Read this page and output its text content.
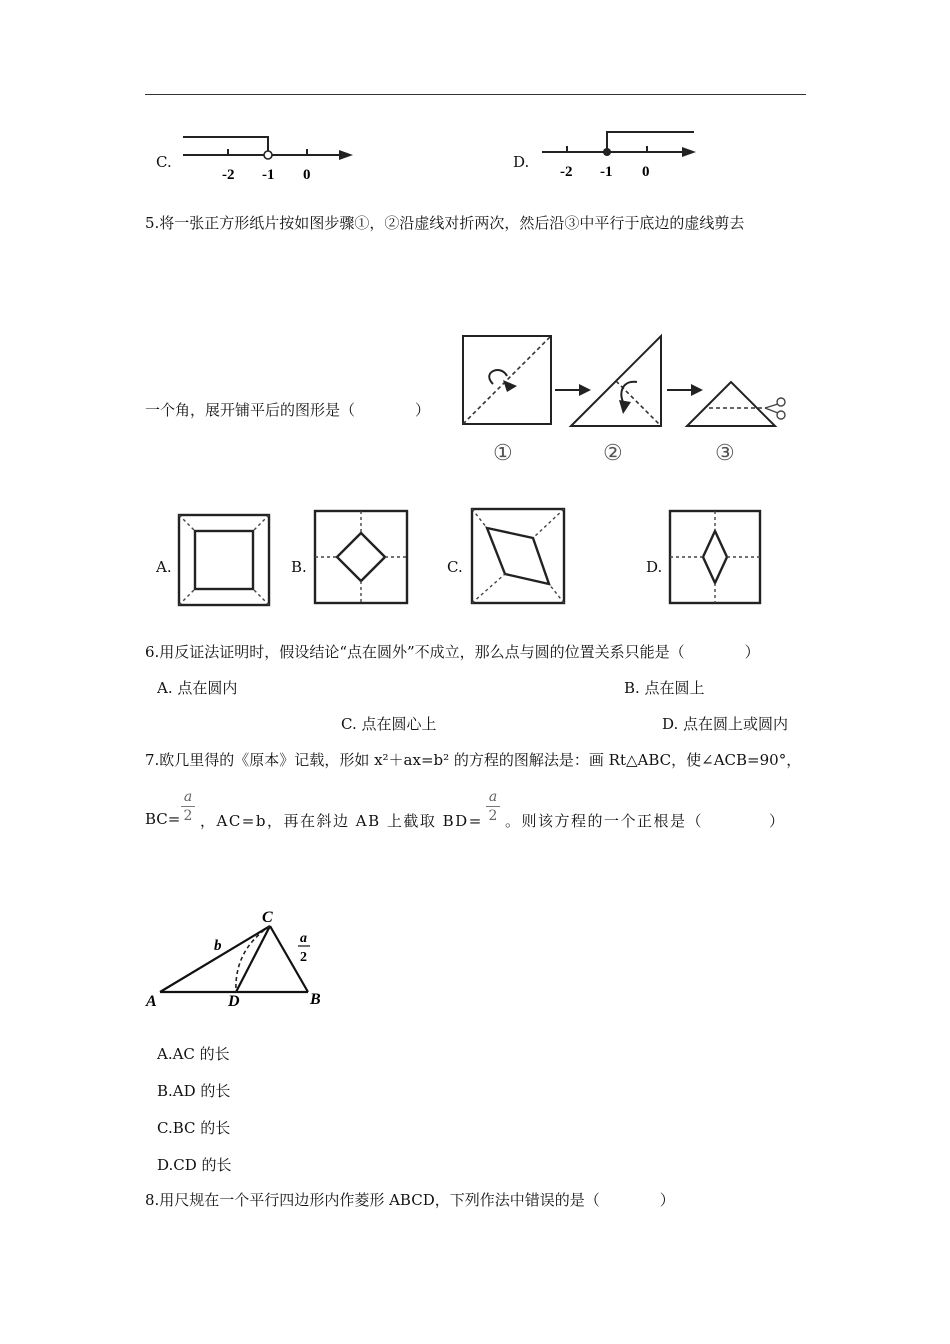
C.
-2 -1 0
D.
-2 -1 0
5.将一张正方形纸片按如图步骤①，②沿虚线对折两次，然后沿③中平行于底边的虚线剪去
一个角，展开铺平后的图形是（　　　　）
①	②	③
A.	B.	C.	D.
6.用反证法证明时，假设结论“点在圆外”不成立，那么点与圆的位置关系只能是（　　　　）
A. 点在圆内	B. 点在圆上
C. 点在圆心上	D. 点在圆上或圆内
7.欧几里得的《原本》记载，形如 x²＋ax=b² 的方程的图解法是：画 Rt△ABC，使∠ACB=90°，
BC=
a
2 ，AC=b，再在斜边 AB 上截取 BD=
a
2 。则该方程的一个正根是（　　　　）
A	D	B
C
b	a
2
A.AC 的长
B.AD 的长
C.BC 的长
D.CD 的长
8.用尺规在一个平行四边形内作菱形 ABCD，下列作法中错误的是（　　　　）
